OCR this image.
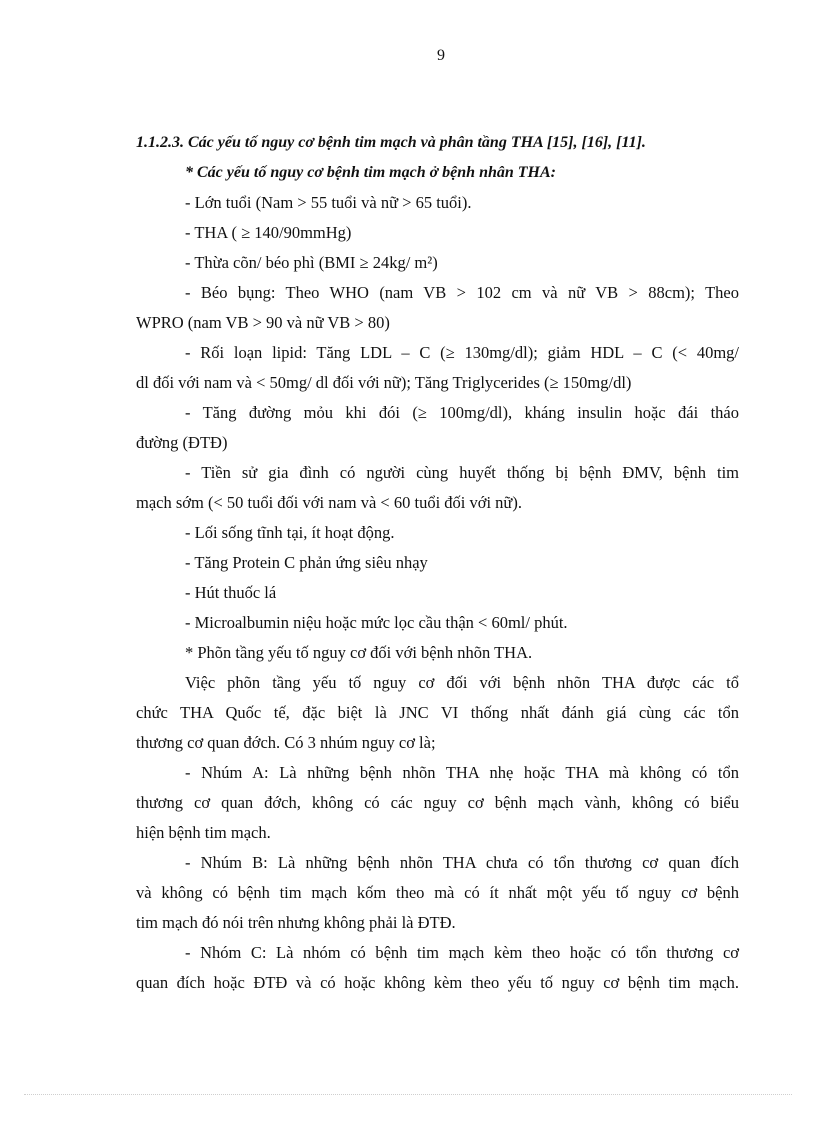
9
1.1.2.3. Các yếu tố nguy cơ bệnh tim mạch và phân tầng THA [15], [16], [11].
* Các yếu tố nguy cơ bệnh tim mạch ở bệnh nhân THA:
- Lớn tuổi (Nam > 55 tuổi và nữ > 65 tuổi).
- THA ( ≥ 140/90mmHg)
- Thừa cõn/ béo phì (BMI ≥ 24kg/ m²)
- Béo bụng: Theo WHO (nam VB > 102 cm và nữ VB > 88cm); Theo
WPRO (nam VB > 90 và nữ VB > 80)
- Rối loạn lipid: Tăng LDL – C (≥ 130mg/dl); giảm HDL – C (< 40mg/
dl đối với nam và < 50mg/ dl đối với nữ); Tăng Triglycerides (≥ 150mg/dl)
- Tăng đường mỏu khi đói (≥ 100mg/dl), kháng insulin hoặc đái tháo
đường (ĐTĐ)
- Tiền sử gia đình có người cùng huyết thống bị bệnh ĐMV, bệnh tim
mạch sớm (< 50 tuổi đối với nam và < 60 tuổi đối với nữ).
- Lối sống tĩnh tại, ít hoạt động.
- Tăng Protein C phản ứng siêu nhạy
- Hút thuốc lá
- Microalbumin niệu hoặc mức lọc cầu thận < 60ml/ phút.
* Phõn tầng yếu tố nguy cơ đối với bệnh nhõn THA.
Việc phõn tầng yếu tố nguy cơ đối với bệnh nhõn THA được các tổ
chức THA Quốc tế, đặc biệt là JNC VI thống nhất đánh giá cùng các tổn
thương cơ quan đớch. Có 3 nhúm nguy cơ là;
- Nhúm A: Là những bệnh nhõn THA nhẹ hoặc THA mà không có tổn
thương cơ quan đớch, không có các nguy cơ bệnh mạch vành, không có biểu
hiện bệnh tim mạch.
- Nhúm B: Là những bệnh nhõn THA chưa có tổn thương cơ quan đích
và không có bệnh tim mạch kốm theo mà có ít nhất một yếu tố nguy cơ bệnh
tim mạch đó nói trên nhưng không phải là ĐTĐ.
- Nhóm C: Là nhóm có bệnh tim mạch kèm theo hoặc có tổn thương cơ
quan đích hoặc ĐTĐ và có hoặc không kèm theo yếu tố nguy cơ bệnh tim mạch.
